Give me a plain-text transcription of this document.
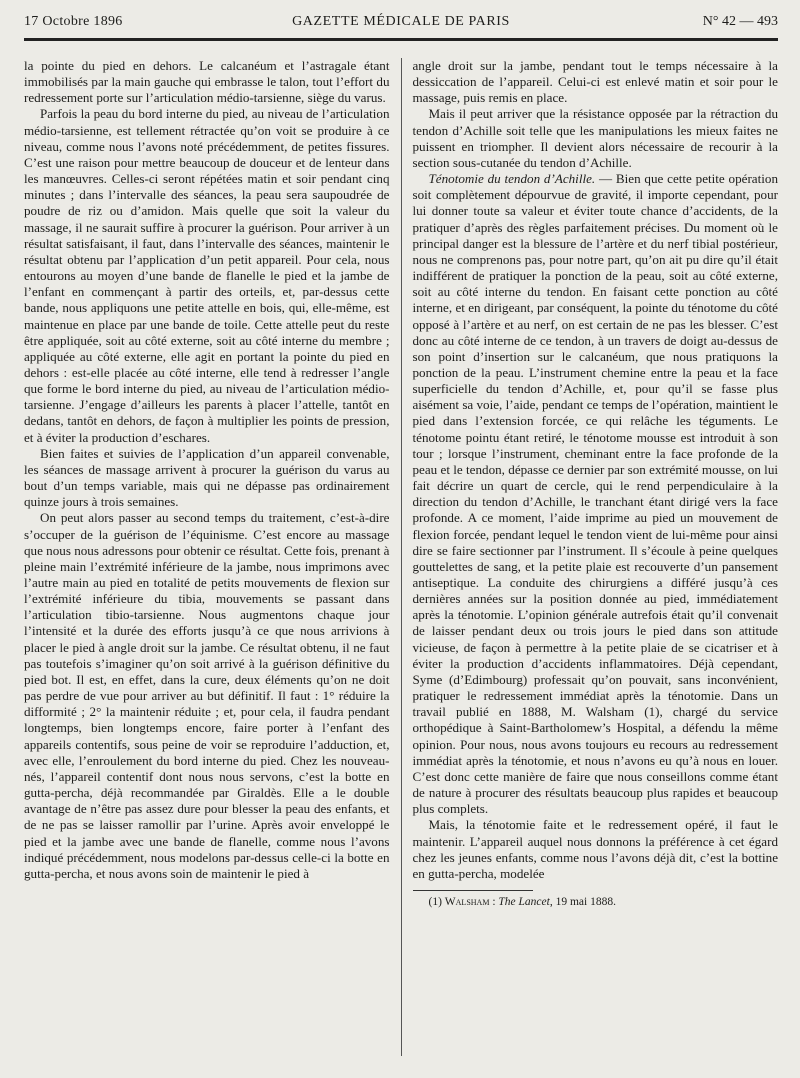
17 Octobre 1896	GAZETTE MÉDICALE DE PARIS	N° 42 — 493

la pointe du pied en dehors. Le calcanéum et l’astragale étant immobilisés par la main gauche qui embrasse le talon, tout l’effort du redressement porte sur l’articulation médio-tarsienne, siège du varus.

Parfois la peau du bord interne du pied, au niveau de l’articulation médio-tarsienne, est tellement rétractée qu’on voit se produire à ce niveau, comme nous l’avons noté précédemment, de petites fissures. C’est une raison pour mettre beaucoup de douceur et de lenteur dans les manœuvres. Celles-ci seront répétées matin et soir pendant cinq minutes ; dans l’intervalle des séances, la peau sera saupoudrée de poudre de riz ou d’amidon. Mais quelle que soit la valeur du massage, il ne saurait suffire à procurer la guérison. Pour arriver à un résultat satisfaisant, il faut, dans l’intervalle des séances, maintenir le résultat obtenu par l’application d’un petit appareil. Pour cela, nous entourons au moyen d’une bande de flanelle le pied et la jambe de l’enfant en commençant à partir des orteils, et, par-dessus cette bande, nous appliquons une petite attelle en bois, qui, elle-même, est maintenue en place par une bande de toile. Cette attelle peut du reste être appliquée, soit au côté externe, soit au côté interne du membre ; appliquée au côté externe, elle agit en portant la pointe du pied en dehors : est-elle placée au côté interne, elle tend à redresser l’angle que forme le bord interne du pied, au niveau de l’articulation médio-tarsienne. J’engage d’ailleurs les parents à placer l’attelle, tantôt en dedans, tantôt en dehors, de façon à multiplier les points de pression, et à éviter la production d’eschares.

Bien faites et suivies de l’application d’un appareil convenable, les séances de massage arrivent à procurer la guérison du varus au bout d’un temps variable, mais qui ne dépasse pas ordinairement quinze jours à trois semaines.

On peut alors passer au second temps du traitement, c’est-à-dire s’occuper de la guérison de l’équinisme. C’est encore au massage que nous nous adressons pour obtenir ce résultat. Cette fois, prenant à pleine main l’extrémité inférieure de la jambe, nous imprimons avec l’autre main au pied en totalité de petits mouvements de flexion sur l’extrémité inférieure du tibia, mouvements se passant dans l’articulation tibio-tarsienne. Nous augmentons chaque jour l’intensité et la durée des efforts jusqu’à ce que nous arrivions à placer le pied à angle droit sur la jambe. Ce résultat obtenu, il ne faut pas toutefois s’imaginer qu’on soit arrivé à la guérison définitive du pied bot. Il est, en effet, dans la cure, deux éléments qu’on ne doit pas perdre de vue pour arriver au but définitif. Il faut : 1° réduire la difformité ; 2° la maintenir réduite ; et, pour cela, il faudra pendant longtemps, bien longtemps encore, faire porter à l’enfant des appareils contentifs, sous peine de voir se reproduire l’adduction, et, avec elle, l’enroulement du bord interne du pied. Chez les nouveau-nés, l’appareil contentif dont nous nous servons, c’est la botte en gutta-percha, déjà recommandée par Giraldès. Elle a le double avantage de n’être pas assez dure pour blesser la peau des enfants, et de ne pas se laisser ramollir par l’urine. Après avoir enveloppé le pied et la jambe avec une bande de flanelle, comme nous l’avons indiqué précédemment, nous modelons par-dessus celle-ci la botte en gutta-percha, et nous avons soin de maintenir le pied à

angle droit sur la jambe, pendant tout le temps nécessaire à la dessiccation de l’appareil. Celui-ci est enlevé matin et soir pour le massage, puis remis en place.

Mais il peut arriver que la résistance opposée par la rétraction du tendon d’Achille soit telle que les manipulations les mieux faites ne puissent en triompher. Il devient alors nécessaire de recourir à la section sous-cutanée du tendon d’Achille.

Ténotomie du tendon d’Achille. — Bien que cette petite opération soit complètement dépourvue de gravité, il importe cependant, pour lui donner toute sa valeur et éviter toute chance d’accidents, de la pratiquer d’après des règles parfaitement précises. Du moment où le principal danger est la blessure de l’artère et du nerf tibial postérieur, nous ne comprenons pas, pour notre part, qu’on ait pu dire qu’il était indifférent de pratiquer la ponction de la peau, soit au côté externe, soit au côté interne du tendon. En faisant cette ponction au côté interne, et en dirigeant, par conséquent, la pointe du ténotome du côté opposé à l’artère et au nerf, on est certain de ne pas les blesser. C’est donc au côté interne de ce tendon, à un travers de doigt au-dessus de son point d’insertion sur le calcanéum, que nous pratiquons la ponction de la peau. L’instrument chemine entre la peau et la face superficielle du tendon d’Achille, et, pour qu’il se fasse plus aisément sa voie, l’aide, pendant ce temps de l’opération, maintient le pied dans l’extension forcée, ce qui relâche les téguments. Le ténotome pointu étant retiré, le ténotome mousse est introduit à son tour ; lorsque l’instrument, cheminant entre la face profonde de la peau et le tendon, dépasse ce dernier par son extrémité mousse, on lui fait décrire un quart de cercle, qui le rend perpendiculaire à la direction du tendon d’Achille, le tranchant étant dirigé vers la face profonde. A ce moment, l’aide imprime au pied un mouvement de flexion forcée, pendant lequel le tendon vient de lui-même pour ainsi dire se faire sectionner par l’instrument. Il s’écoule à peine quelques gouttelettes de sang, et la petite plaie est recouverte d’un pansement antiseptique. La conduite des chirurgiens a différé jusqu’à ces dernières années sur la position donnée au pied, immédiatement après la ténotomie. L’opinion générale autrefois était qu’il convenait de laisser pendant deux ou trois jours le pied dans son attitude vicieuse, de façon à permettre à la petite plaie de se cicatriser et à éviter la production d’accidents inflammatoires. Déjà cependant, Syme (d’Edimbourg) professait qu’on pouvait, sans inconvénient, pratiquer le redressement immédiat après la ténotomie. Dans un travail publié en 1888, M. Walsham (1), chargé du service orthopédique à Saint-Bartholomew’s Hospital, a défendu la même opinion. Pour nous, nous avons toujours eu recours au redressement immédiat après la ténotomie, et nous n’avons eu qu’à nous en louer. C’est donc cette manière de faire que nous conseillons comme étant de nature à procurer des résultats beaucoup plus rapides et beaucoup plus complets.

Mais, la ténotomie faite et le redressement opéré, il faut le maintenir. L’appareil auquel nous donnons la préférence à cet égard chez les jeunes enfants, comme nous l’avons déjà dit, c’est la bottine en gutta-percha, modelée

(1) Walsham : The Lancet, 19 mai 1888.
